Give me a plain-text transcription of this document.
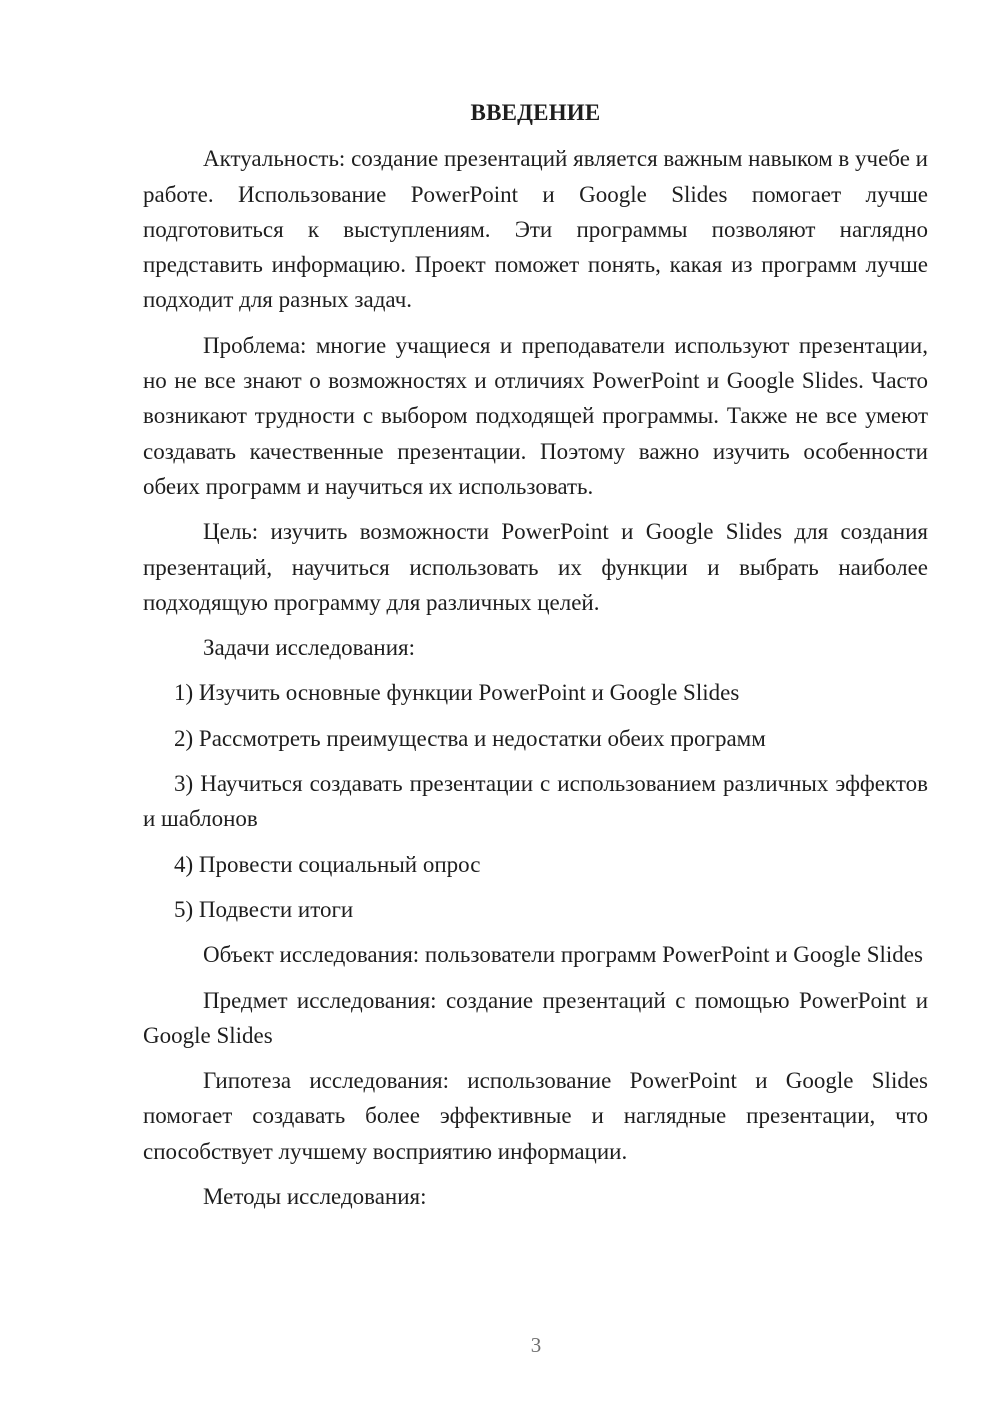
ВВЕДЕНИЕ

Актуальность: создание презентаций является важным навыком в учебе и работе. Использование PowerPoint и Google Slides помогает лучше подготовиться к выступлениям. Эти программы позволяют наглядно представить информацию. Проект поможет понять, какая из программ лучше подходит для разных задач.

Проблема: многие учащиеся и преподаватели используют презентации, но не все знают о возможностях и отличиях PowerPoint и Google Slides. Часто возникают трудности с выбором подходящей программы. Также не все умеют создавать качественные презентации. Поэтому важно изучить особенности обеих программ и научиться их использовать.

Цель: изучить возможности PowerPoint и Google Slides для создания презентаций, научиться использовать их функции и выбрать наиболее подходящую программу для различных целей.

Задачи исследования:

1) Изучить основные функции PowerPoint и Google Slides

2) Рассмотреть преимущества и недостатки обеих программ

3) Научиться создавать презентации с использованием различных эффектов и шаблонов

4) Провести социальный опрос

5) Подвести итоги

Объект исследования: пользователи программ PowerPoint и Google Slides

Предмет исследования: создание презентаций с помощью PowerPoint и Google Slides

Гипотеза исследования: использование PowerPoint и Google Slides помогает создавать более эффективные и наглядные презентации, что способствует лучшему восприятию информации.

Методы исследования:

3
